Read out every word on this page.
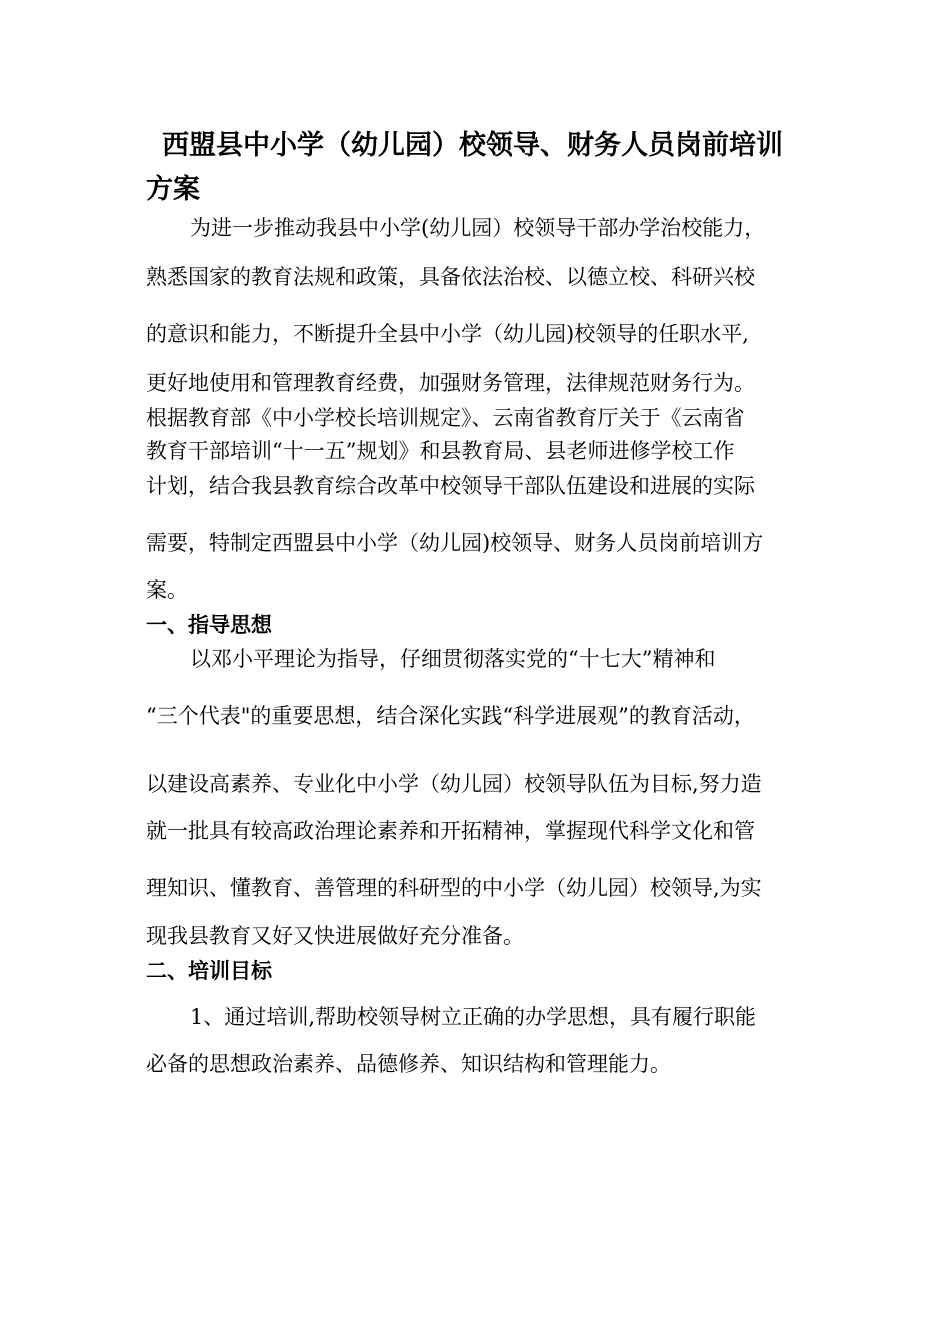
西盟县中小学（幼儿园）校领导、财务人员岗前培训方案

为进一步推动我县中小学(幼儿园）校领导干部办学治校能力，

熟悉国家的教育法规和政策，具备依法治校、以德立校、科研兴校

的意识和能力，不断提升全县中小学（幼儿园)校领导的任职水平,

更好地使用和管理教育经费，加强财务管理，法律规范财务行为。

根据教育部《中小学校长培训规定》、云南省教育厅关于《云南省

教育干部培训“十一五”规划》和县教育局、县老师进修学校工作

计划，结合我县教育综合改革中校领导干部队伍建设和进展的实际

需要，特制定西盟县中小学（幼儿园)校领导、财务人员岗前培训方

案。

一、指导思想

以邓小平理论为指导，仔细贯彻落实党的“十七大”精神和

“三个代表"的重要思想，结合深化实践“科学进展观”的教育活动，

以建设高素养、专业化中小学（幼儿园）校领导队伍为目标,努力造

就一批具有较高政治理论素养和开拓精神，掌握现代科学文化和管

理知识、懂教育、善管理的科研型的中小学（幼儿园）校领导,为实

现我县教育又好又快进展做好充分准备。

二、培训目标

1、通过培训,帮助校领导树立正确的办学思想，具有履行职能

必备的思想政治素养、品德修养、知识结构和管理能力。
